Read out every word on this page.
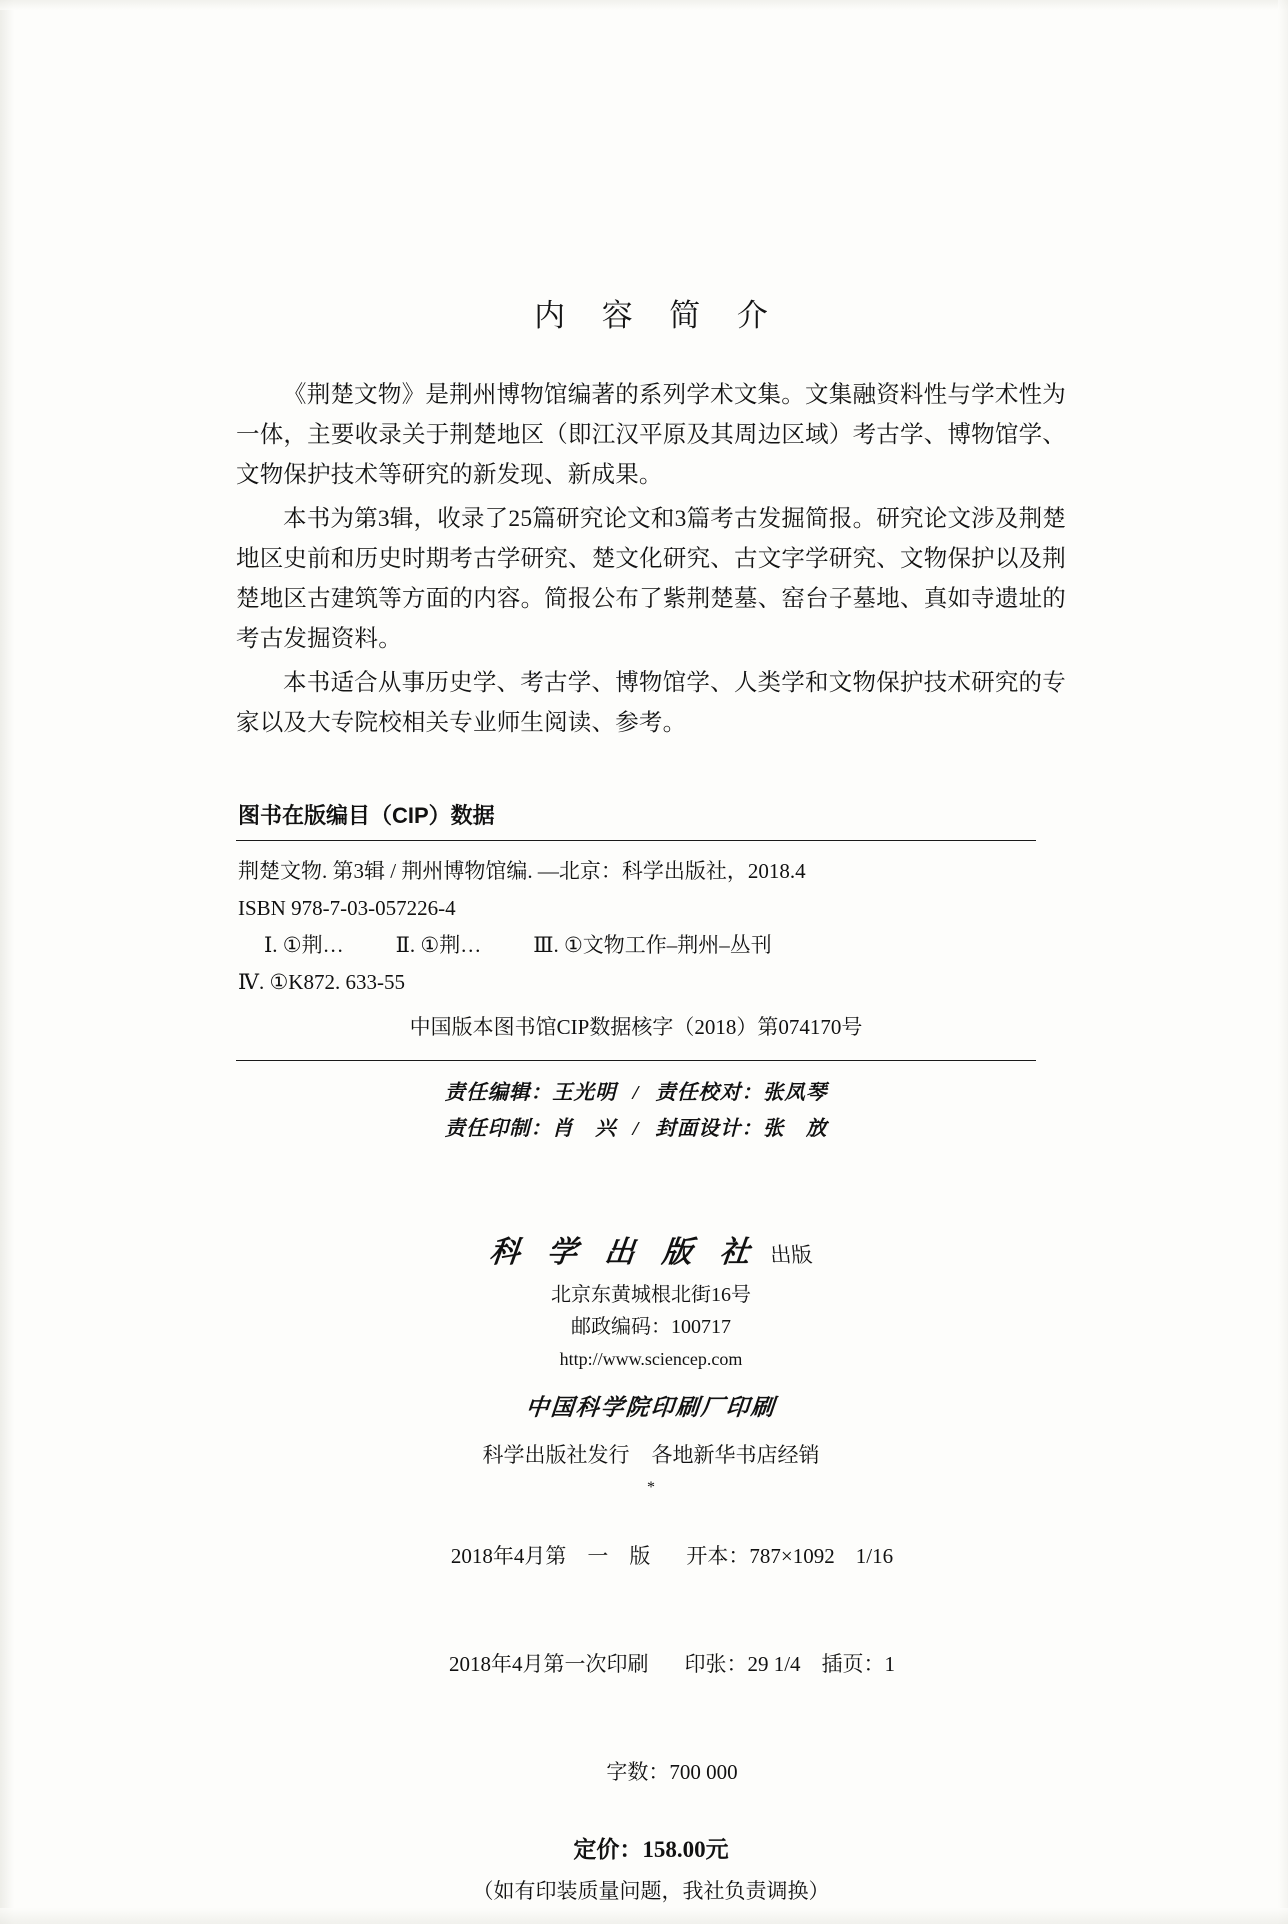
内 容 简 介

《荆楚文物》是荆州博物馆编著的系列学术文集。文集融资料性与学术性为一体，主要收录关于荆楚地区（即江汉平原及其周边区域）考古学、博物馆学、文物保护技术等研究的新发现、新成果。

本书为第3辑，收录了25篇研究论文和3篇考古发掘简报。研究论文涉及荆楚地区史前和历史时期考古学研究、楚文化研究、古文字学研究、文物保护以及荆楚地区古建筑等方面的内容。简报公布了紫荆楚墓、窑台子墓地、真如寺遗址的考古发掘资料。

本书适合从事历史学、考古学、博物馆学、人类学和文物保护技术研究的专家以及大专院校相关专业师生阅读、参考。

图书在版编目（CIP）数据
荆楚文物. 第3辑 / 荆州博物馆编. —北京：科学出版社，2018.4
ISBN 978-7-03-057226-4
Ⅰ. ①荆… Ⅱ. ①荆… Ⅲ. ①文物工作–荆州–丛刊
Ⅳ. ①K872. 633-55
中国版本图书馆CIP数据核字（2018）第074170号
责任编辑：王光明 / 责任校对：张凤琴
责任印制：肖　兴 / 封面设计：张　放
科 学 出 版 社 出版
北京东黄城根北街16号
邮政编码：100717
http://www.sciencep.com
中国科学院印刷厂印刷
科学出版社发行 各地新华书店经销
*

2018年4月第　一　版 开本：787×1092　1/16

2018年4月第一次印刷 印张：29 1/4　插页：1

字数：700 000

定价：158.00元
（如有印装质量问题，我社负责调换）
